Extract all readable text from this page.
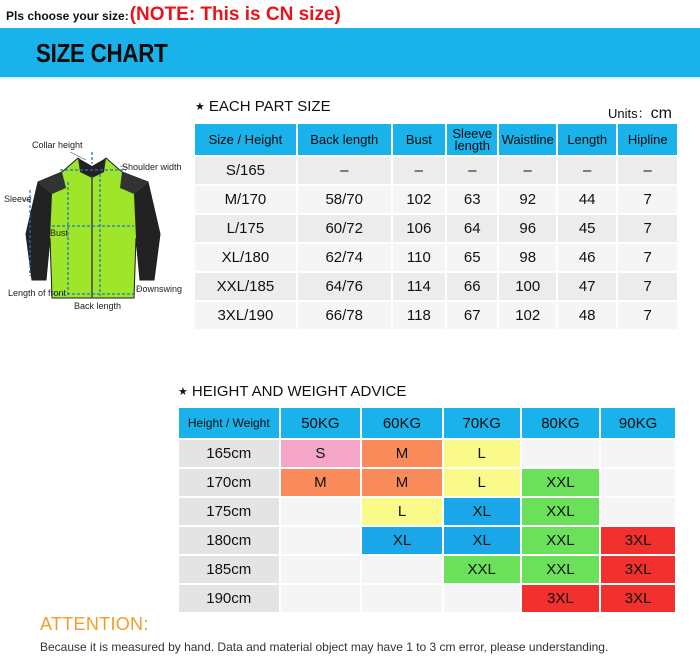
Pls choose your size: (NOTE: This is CN size)
SIZE CHART
★ EACH PART SIZE	Units：cm
Collar height
Shoulder width
Sleeve
Bust
Length of front
Back length
Downswing
Size / Height	Back length	Bust	Sleeve length	Waistline	Length	Hipline
S/165	–	–	–	–	–	–
M/170	58/70	102	63	92	44	7
L/175	60/72	106	64	96	45	7
XL/180	62/74	110	65	98	46	7
XXL/185	64/76	114	66	100	47	7
3XL/190	66/78	118	67	102	48	7
★ HEIGHT AND WEIGHT ADVICE
Height / Weight	50KG	60KG	70KG	80KG	90KG
165cm	S	M	L		
170cm	M	M	L	XXL	
175cm		L	XL	XXL	
180cm		XL	XL	XXL	3XL
185cm			XXL	XXL	3XL
190cm				3XL	3XL
ATTENTION:
Because it is measured by hand. Data and material object may have 1 to 3 cm error, please understanding.
